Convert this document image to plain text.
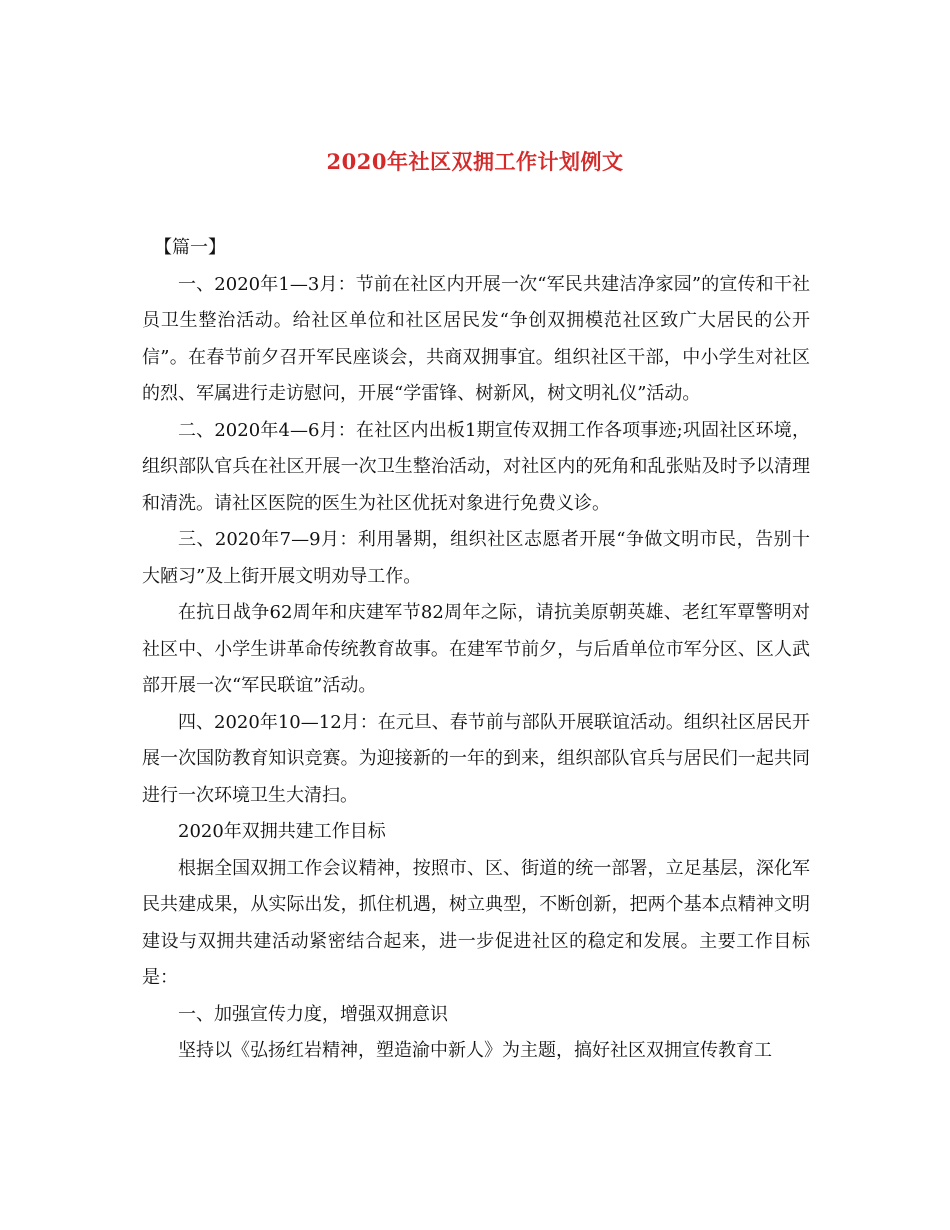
2020年社区双拥工作计划例文

【篇一】

一、2020年1—3月：节前在社区内开展一次“军民共建洁净家园”的宣传和干社员卫生整治活动。给社区单位和社区居民发“争创双拥模范社区致广大居民的公开信”。在春节前夕召开军民座谈会，共商双拥事宜。组织社区干部，中小学生对社区的烈、军属进行走访慰问，开展“学雷锋、树新风，树文明礼仪”活动。

二、2020年4—6月：在社区内出板1期宣传双拥工作各项事迹;巩固社区环境，组织部队官兵在社区开展一次卫生整治活动，对社区内的死角和乱张贴及时予以清理和清洗。请社区医院的医生为社区优抚对象进行免费义诊。

三、2020年7—9月：利用暑期，组织社区志愿者开展“争做文明市民，告别十大陋习”及上街开展文明劝导工作。

在抗日战争62周年和庆建军节82周年之际，请抗美原朝英雄、老红军覃警明对社区中、小学生讲革命传统教育故事。在建军节前夕，与后盾单位市军分区、区人武部开展一次“军民联谊”活动。

四、2020年10—12月：在元旦、春节前与部队开展联谊活动。组织社区居民开展一次国防教育知识竞赛。为迎接新的一年的到来，组织部队官兵与居民们一起共同进行一次环境卫生大清扫。

2020年双拥共建工作目标

根据全国双拥工作会议精神，按照市、区、街道的统一部署，立足基层，深化军民共建成果，从实际出发，抓住机遇，树立典型，不断创新，把两个基本点精神文明建设与双拥共建活动紧密结合起来，进一步促进社区的稳定和发展。主要工作目标是：

一、加强宣传力度，增强双拥意识

坚持以《弘扬红岩精神，塑造渝中新人》为主题，搞好社区双拥宣传教育工
